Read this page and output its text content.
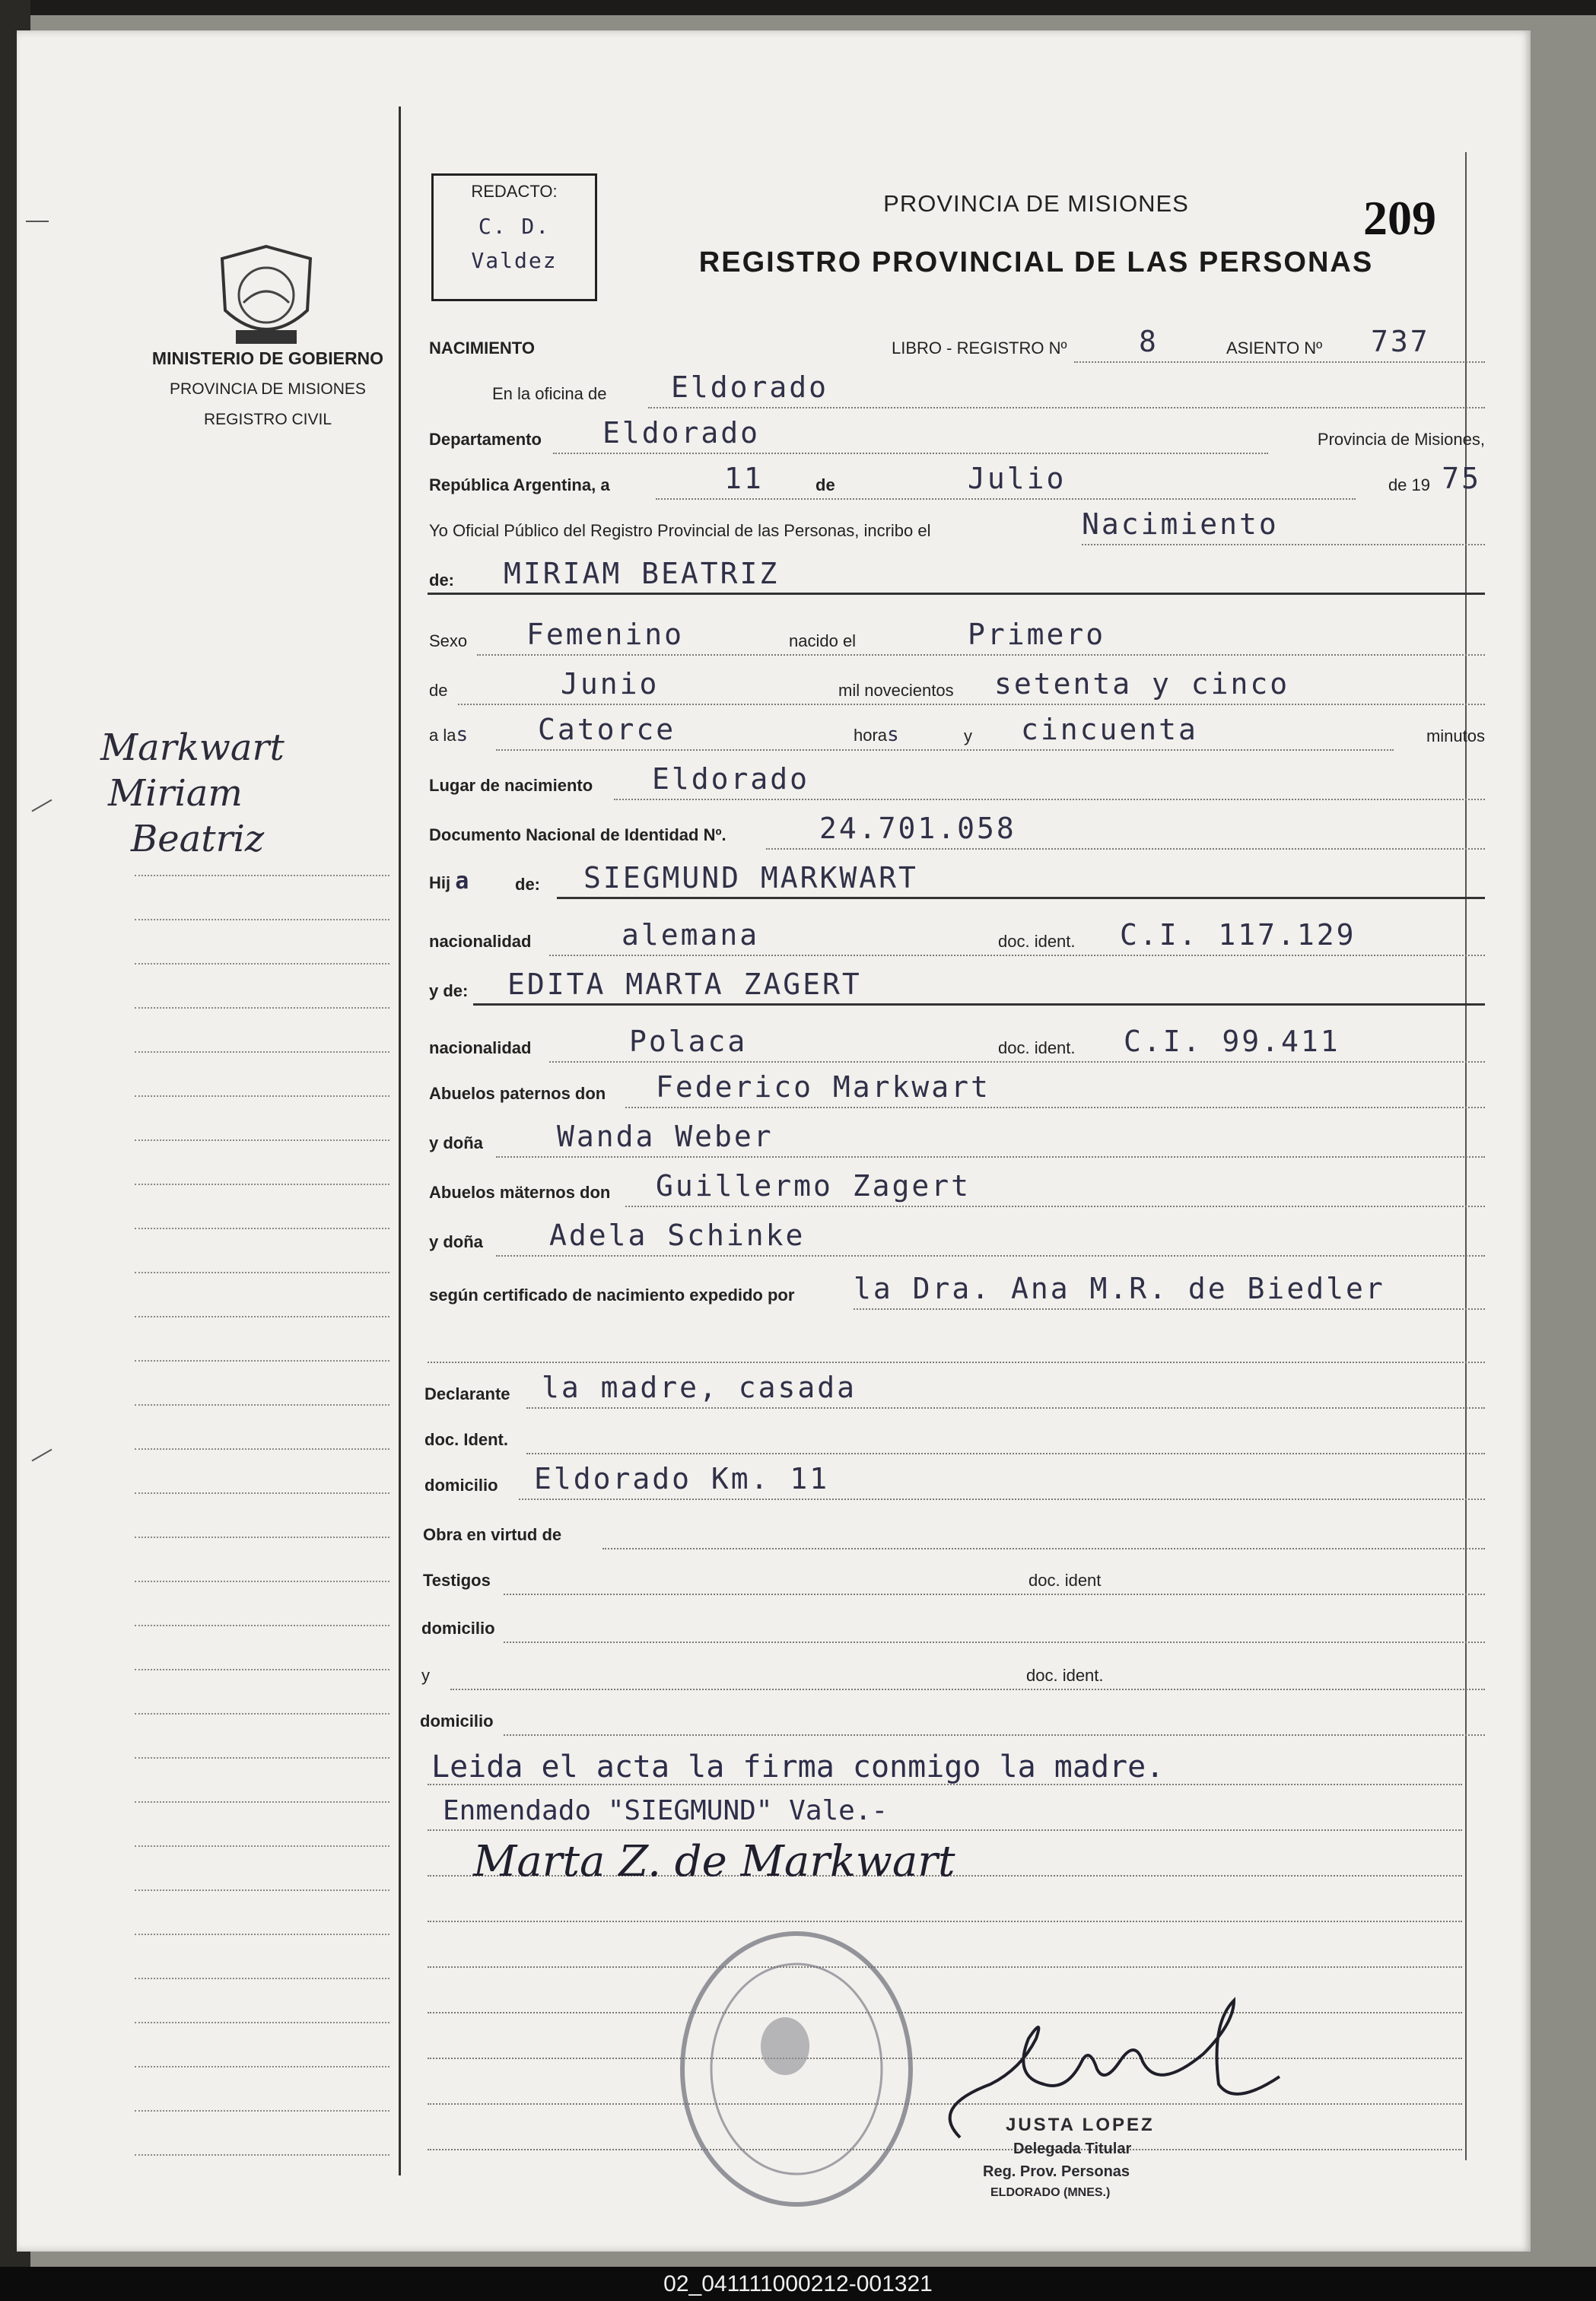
MINISTERIO DE GOBIERNO
PROVINCIA DE MISIONES
REGISTRO CIVIL
Markwart
Miriam
Beatriz
REDACTO:
C. D.
Valdez
PROVINCIA DE MISIONES
REGISTRO PROVINCIAL DE LAS PERSONAS
209
NACIMIENTO	LIBRO - REGISTRO Nº 8	ASIENTO Nº 737
En la oficina de Eldorado
Departamento Eldorado	Provincia de Misiones,
República Argentina, a	11	de	Julio	de 19 75
Yo Oficial Público del Registro Provincial de las Personas, incribo el	Nacimiento
de: MIRIAM BEATRIZ
Sexo Femenino	nacido el	Primero
de	Junio	mil novecientos setenta y cinco
a las Catorce	horas	y cincuenta	minutos
Lugar de nacimiento Eldorado
Documento Nacional de Identidad Nº.	24.701.058
Hij a	de: SIEGMUND MARKWART
nacionalidad	alemana	doc. ident. C.I. 117.129
y de: EDITA MARTA ZAGERT
nacionalidad	Polaca	doc. ident. C.I. 99.411
Abuelos paternos don Federico Markwart
y doña	Wanda Weber
Abuelos mäternos don Guillermo Zagert
y doña Adela Schinke
según certificado de nacimiento expedido por la Dra. Ana M.R. de Biedler
Declarante la madre, casada
doc. Ident.
domicilio Eldorado Km. 11
Obra en virtud de
Testigos	doc. ident
domicilio
y	doc. ident.
domicilio
Leida el acta la firma conmigo la madre.
Enmendado "SIEGMUND" Vale.-
Marta Z. de Markwart
JUSTA LOPEZ
Delegada Titular
Reg. Prov. Personas
ELDORADO (MNES.)
02_041111000212-001321
